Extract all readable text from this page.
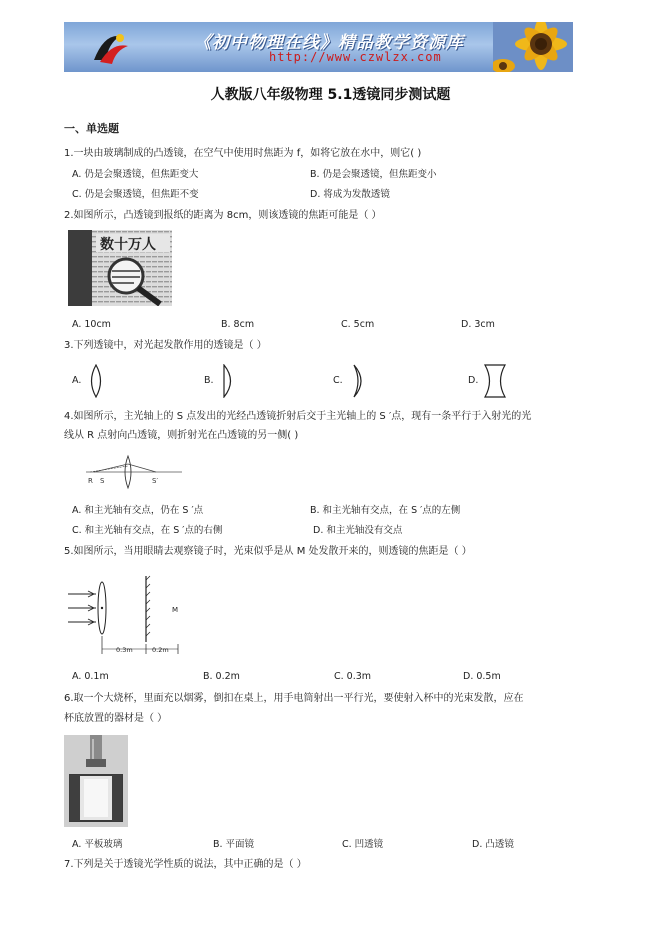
《初中物理在线》精品教学资源库
http://www.czwlzx.com
人教版八年级物理 5.1透镜同步测试题
一、单选题
1.一块由玻璃制成的凸透镜，在空气中使用时焦距为 f，如将它放在水中，则它( )
A. 仍是会聚透镜，但焦距变大	B. 仍是会聚透镜，但焦距变小
C. 仍是会聚透镜，但焦距不变	D. 将成为发散透镜
2.如图所示，凸透镜到报纸的距离为 8cm，则该透镜的焦距可能是（ ）
数十万人
A. 10cm	B. 8cm	C. 5cm	D. 3cm
3.下列透镜中，对光起发散作用的透镜是（ ）
A.	B.	C.	D.
4.如图所示，主光轴上的 S 点发出的光经凸透镜折射后交于主光轴上的 S ′点，现有一条平行于入射光的光
线从 R 点射向凸透镜，则折射光在凸透镜的另一侧( )
R S	S′
A. 和主光轴有交点，仍在 S ′点	B. 和主光轴有交点，在 S ′点的左侧
C. 和主光轴有交点，在 S ′点的右侧	D. 和主光轴没有交点
5.如图所示，当用眼睛去观察镜子时，光束似乎是从 M 处发散开来的，则透镜的焦距是（ ）
M
0.3m	0.2m
A. 0.1m	B. 0.2m	C. 0.3m	D. 0.5m
6.取一个大烧杯，里面充以烟雾，倒扣在桌上，用手电筒射出一平行光，要使射入杯中的光束发散，应在
杯底放置的器材是（ ）
A. 平板玻璃	B. 平面镜	C. 凹透镜	D. 凸透镜
7.下列是关于透镜光学性质的说法，其中正确的是（ ）
